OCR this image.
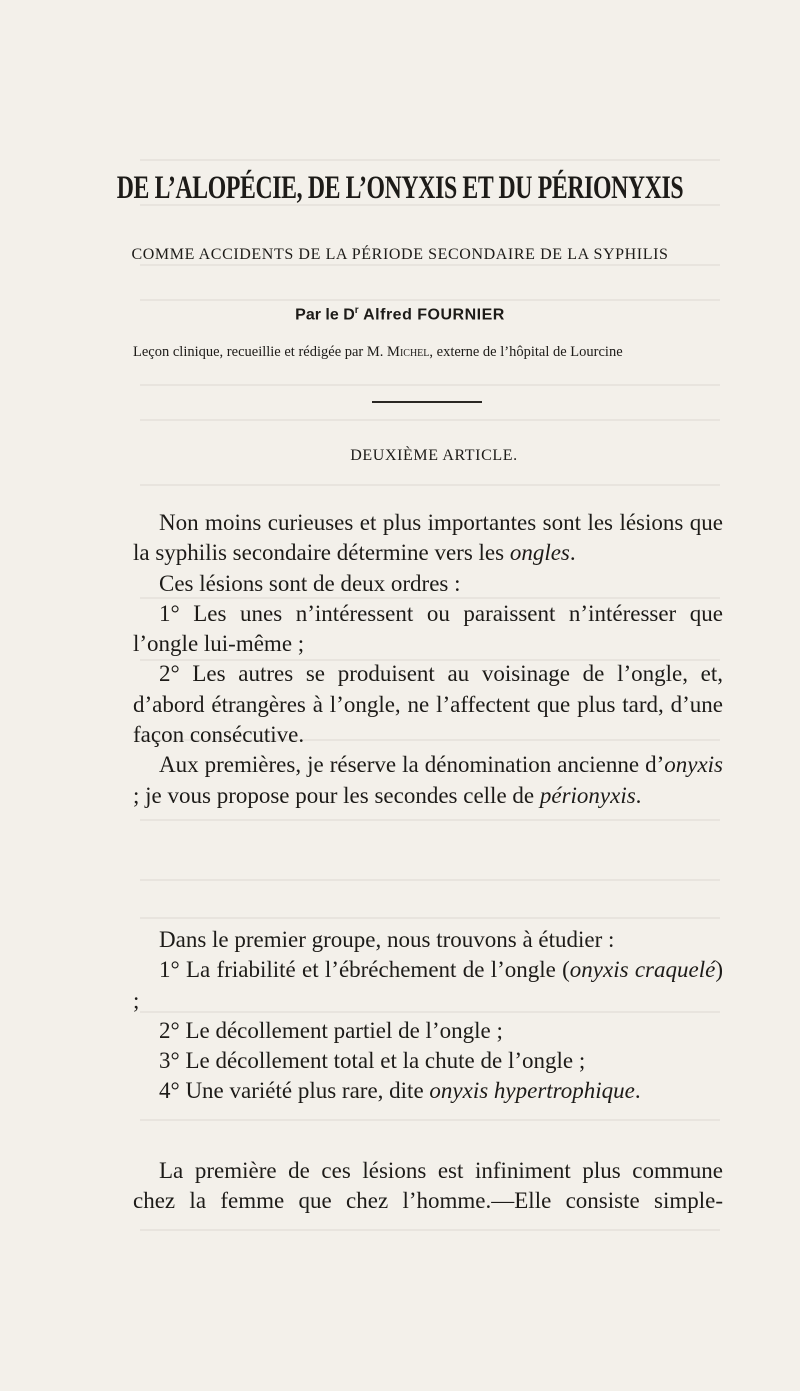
DE L’ALOPÉCIE, DE L’ONYXIS ET DU PÉRIONYXIS
COMME ACCIDENTS DE LA PÉRIODE SECONDAIRE DE LA SYPHILIS
Par le $D^r$ Alfred FOURNIER
Leçon clinique, recueillie et rédigée par M. Michel, externe de l’hôpital de Lourcine
DEUXIÈME ARTICLE.

Non moins curieuses et plus importantes sont les lésions que la syphilis secondaire détermine vers les ongles.

Ces lésions sont de deux ordres :

1° Les unes n’intéressent ou paraissent n’intéresser que l’ongle lui-même ;

2° Les autres se produisent au voisinage de l’ongle, et, d’abord étrangères à l’ongle, ne l’affectent que plus tard, d’une façon consécutive.

Aux premières, je réserve la dénomination ancienne d’onyxis ; je vous propose pour les secondes celle de périonyxis.

Dans le premier groupe, nous trouvons à étudier :

1° La friabilité et l’ébréchement de l’ongle (onyxis craquelé) ;

2° Le décollement partiel de l’ongle ;

3° Le décollement total et la chute de l’ongle ;

4° Une variété plus rare, dite onyxis hypertrophique.

La première de ces lésions est infiniment plus commune chez la femme que chez l’homme.—Elle consiste simple-
